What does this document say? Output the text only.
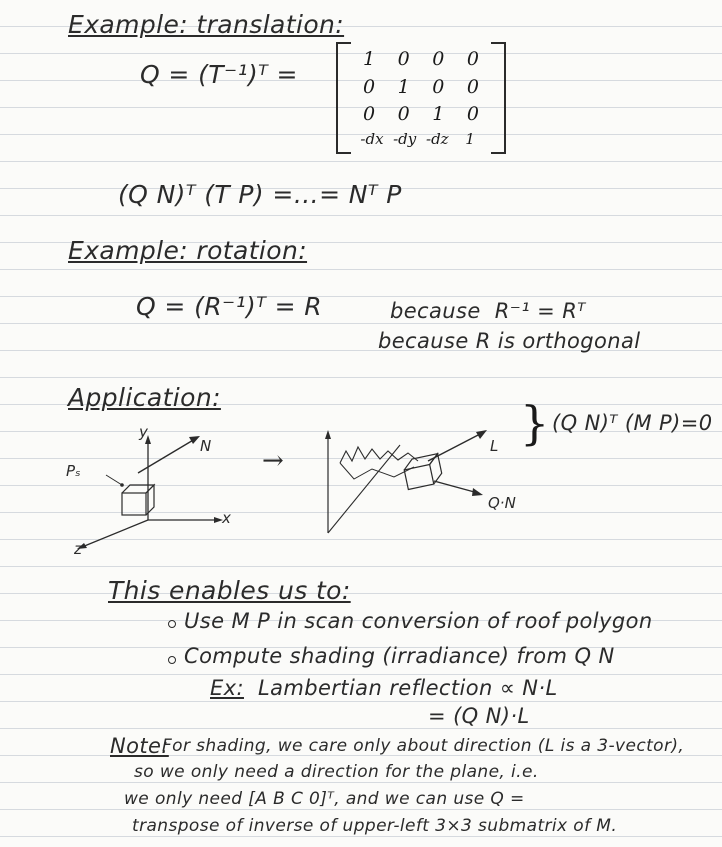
Example: translation:
Q = (T⁻¹)ᵀ =
1 0 0 0
0 1 0 0
0 0 1 0
-dx -dy -dz	1
(Q N)ᵀ (T P) =…= Nᵀ P
Example: rotation:
Q = (R⁻¹)ᵀ = R	because  R⁻¹ = Rᵀ
because R is orthogonal
Application:	} (Q N)ᵀ (M P)=0
Pₛ
y
x
z
N →	L
Q·N
This enables us to:
Use M P in scan conversion of roof polygon
Compute shading (irradiance) from Q N
Ex: Lambertian reflection ∝ N·L
= (Q N)·L
Note:
For shading, we care only about direction (L is a 3-vector),
so we only need a direction for the plane, i.e.
we only need [A B C 0]ᵀ, and we can use Q =
transpose of inverse of upper-left 3×3 submatrix of M.
